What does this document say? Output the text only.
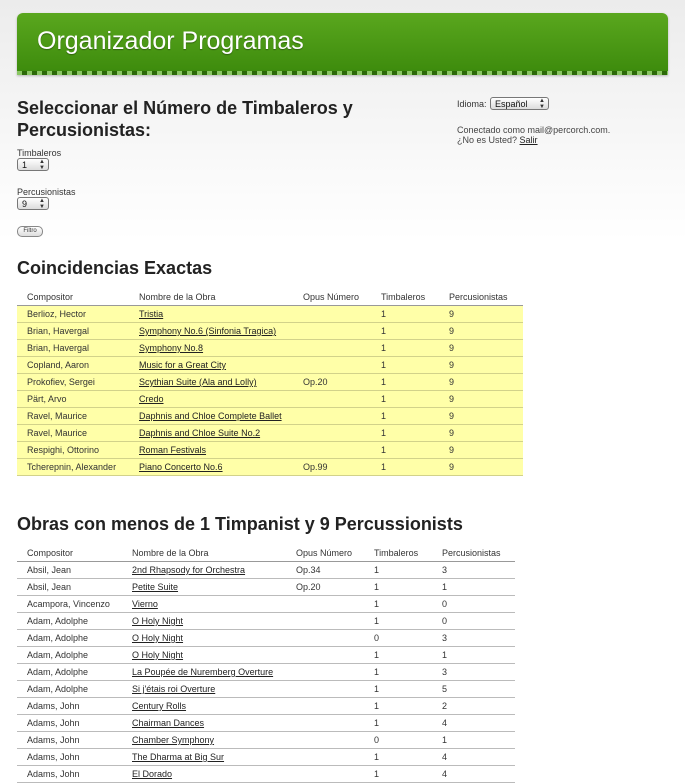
Organizador Programas
Seleccionar el Número de Timbaleros y
Percusionistas:
Timbaleros
1 ▲
▼
Percusionistas
9 ▲
▼
Filtro
Idioma: Español ▲
▼
Conectado como mail@percorch.com.
¿No es Usted? Salir
Coincidencias Exactas
Compositor	Nombre de la Obra	Opus Número	Timbaleros	Percusionistas
Berlioz, Hector	Tristia		1	9
Brian, Havergal	Symphony No.6 (Sinfonia Tragica)		1	9
Brian, Havergal	Symphony No.8		1	9
Copland, Aaron	Music for a Great City		1	9
Prokofiev, Sergei	Scythian Suite (Ala and Lolly)	Op.20	1	9
Pärt, Arvo	Credo		1	9
Ravel, Maurice	Daphnis and Chloe Complete Ballet		1	9
Ravel, Maurice	Daphnis and Chloe Suite No.2		1	9
Respighi, Ottorino	Roman Festivals		1	9
Tcherepnin, Alexander	Piano Concerto No.6	Op.99	1	9
Obras con menos de 1 Timpanist y 9 Percussionists
Compositor	Nombre de la Obra	Opus Número	Timbaleros	Percusionistas
Absil, Jean	2nd Rhapsody for Orchestra	Op.34	1	3
Absil, Jean	Petite Suite	Op.20	1	1
Acampora, Vincenzo	Vierno		1	0
Adam, Adolphe	O Holy Night		1	0
Adam, Adolphe	O Holy Night		0	3
Adam, Adolphe	O Holy Night		1	1
Adam, Adolphe	La Poupée de Nuremberg Overture		1	3
Adam, Adolphe	Si j'étais roi Overture		1	5
Adams, John	Century Rolls		1	2
Adams, John	Chairman Dances		1	4
Adams, John	Chamber Symphony		0	1
Adams, John	The Dharma at Big Sur		1	4
Adams, John	El Dorado		1	4
